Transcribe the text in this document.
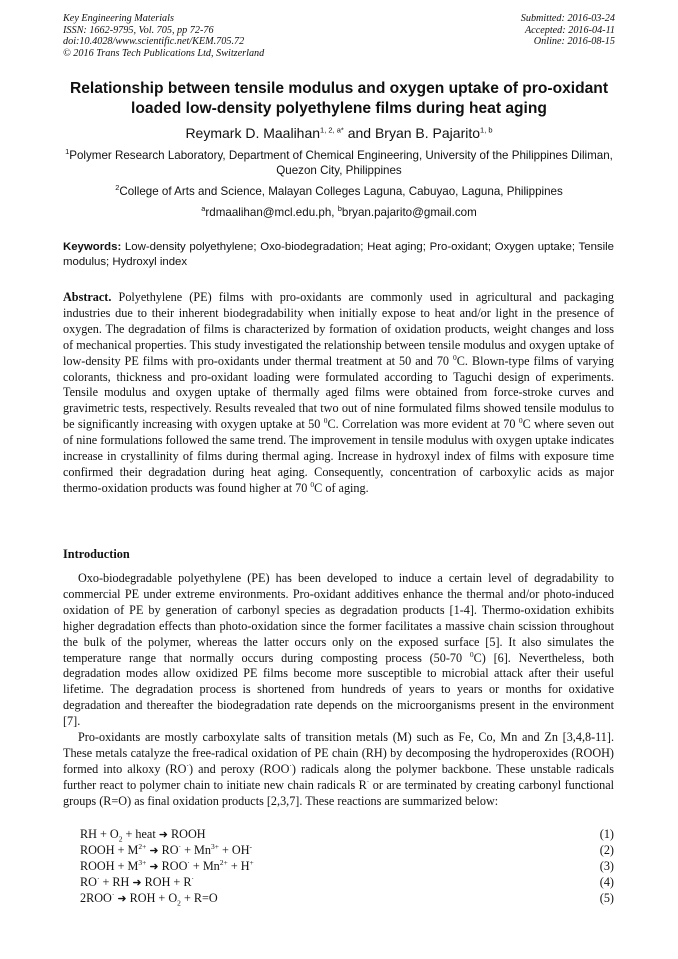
Key Engineering Materials
ISSN: 1662-9795, Vol. 705, pp 72-76
doi:10.4028/www.scientific.net/KEM.705.72
© 2016 Trans Tech Publications Ltd, Switzerland
Submitted: 2016-03-24
Accepted: 2016-04-11
Online: 2016-08-15
Relationship between tensile modulus and oxygen uptake of pro-oxidant loaded low-density polyethylene films during heat aging
Reymark D. Maalihan$^{1, 2, a*}$ and Bryan B. Pajarito$^{1, b}$
$^1$Polymer Research Laboratory, Department of Chemical Engineering, University of the Philippines Diliman, Quezon City, Philippines
$^2$College of Arts and Science, Malayan Colleges Laguna, Cabuyao, Laguna, Philippines
$^a$rdmaalihan@mcl.edu.ph, $^b$bryan.pajarito@gmail.com
Keywords: Low-density polyethylene; Oxo-biodegradation; Heat aging; Pro-oxidant; Oxygen uptake; Tensile modulus; Hydroxyl index
Abstract. Polyethylene (PE) films with pro-oxidants are commonly used in agricultural and packaging industries due to their inherent biodegradability when initially expose to heat and/or light in the presence of oxygen. The degradation of films is characterized by formation of oxidation products, weight changes and loss of mechanical properties. This study investigated the relationship between tensile modulus and oxygen uptake of low-density PE films with pro-oxidants under thermal treatment at 50 and 70 $^0$C. Blown-type films of varying colorants, thickness and pro-oxidant loading were formulated according to Taguchi design of experiments. Tensile modulus and oxygen uptake of thermally aged films were obtained from force-stroke curves and gravimetric tests, respectively. Results revealed that two out of nine formulated films showed tensile modulus to be significantly increasing with oxygen uptake at 50 $^0$C. Correlation was more evident at 70 $^0$C where seven out of nine formulations followed the same trend. The improvement in tensile modulus with oxygen uptake indicates increase in crystallinity of films during thermal aging. Increase in hydroxyl index of films with exposure time confirmed their degradation during heat aging. Consequently, concentration of carboxylic acids as major thermo-oxidation products was found higher at 70 $^0$C of aging.
Introduction

Oxo-biodegradable polyethylene (PE) has been developed to induce a certain level of degradability to commercial PE under extreme environments. Pro-oxidant additives enhance the thermal and/or photo-induced oxidation of PE by generation of carbonyl species as degradation products [1-4]. Thermo-oxidation exhibits higher degradation effects than photo-oxidation since the former facilitates a massive chain scission throughout the bulk of the polymer, whereas the latter occurs only on the exposed surface [5]. It also simulates the temperature range that normally occurs during composting process (50-70 $^0$C) [6]. Nevertheless, both degradation modes allow oxidized PE films become more susceptible to microbial attack after their useful lifetime. The degradation process is shortened from hundreds of years to years or months for oxidative degradation and thereafter the biodegradation rate depends on the microorganisms present in the environment [7].

Pro-oxidants are mostly carboxylate salts of transition metals (M) such as Fe, Co, Mn and Zn [3,4,8-11]. These metals catalyze the free-radical oxidation of PE chain (RH) by decomposing the hydroperoxides (ROOH) formed into alkoxy (RO·) and peroxy (ROO·) radicals along the polymer backbone. These unstable radicals further react to polymer chain to initiate new chain radicals R· or are terminated by creating carbonyl functional groups (R=O) as final oxidation products [2,3,7]. These reactions are summarized below:

RH + $O_2$ + heat ➜ ROOH	(1)
ROOH + $M^{2+}$ ➜ $RO^\cdot + Mn^{3+} + OH^-$	(2)
ROOH + $M^{3+}$ ➜ $ROO^\cdot + Mn^{2+} + H^+$	(3)
RO· + RH ➜ ROH + R·	(4)
2ROO· ➜ ROH + $O_2 + R=O$	(5)
